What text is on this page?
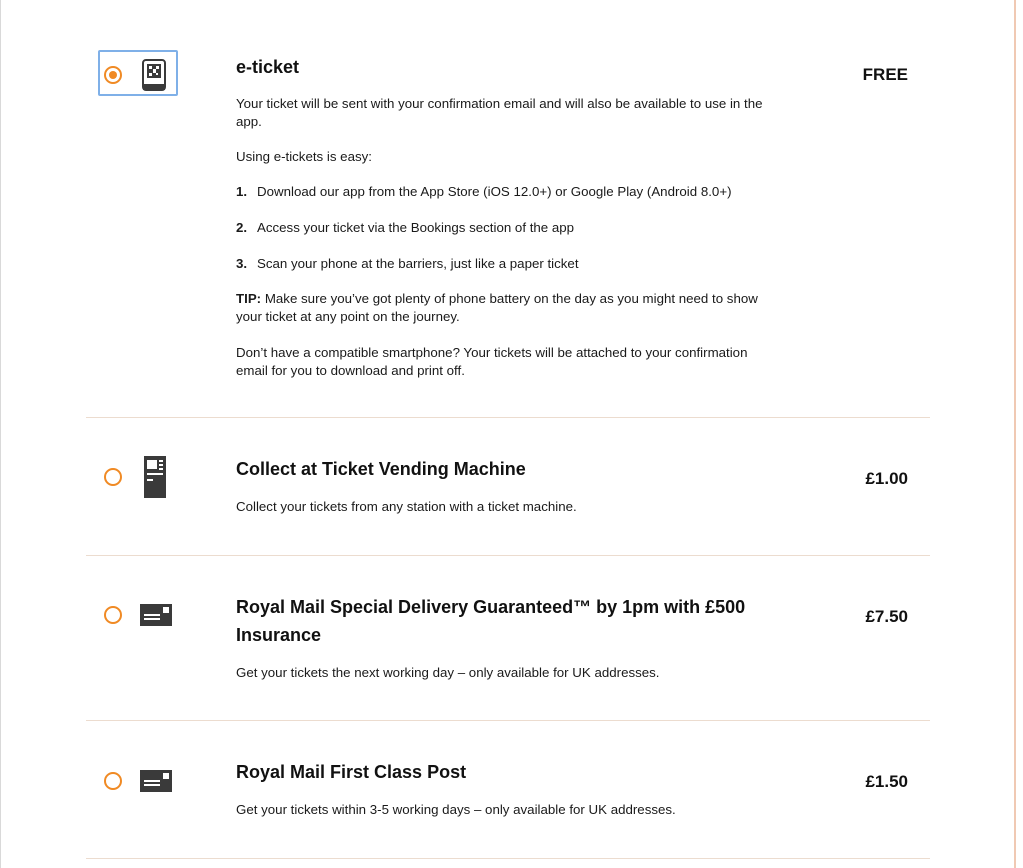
e-ticket	FREE

Your ticket will be sent with your confirmation email and will also be available to use in the app.

Using e-tickets is easy:

1. Download our app from the App Store (iOS 12.0+) or Google Play (Android 8.0+)

2. Access your ticket via the Bookings section of the app

3. Scan your phone at the barriers, just like a paper ticket

TIP: Make sure you’ve got plenty of phone battery on the day as you might need to show your ticket at any point on the journey.

Don’t have a compatible smartphone? Your tickets will be attached to your confirmation email for you to download and print off.

Collect at Ticket Vending Machine	£1.00

Collect your tickets from any station with a ticket machine.

Royal Mail Special Delivery Guaranteed™ by 1pm with £500 Insurance
£7.50

Get your tickets the next working day – only available for UK addresses.

Royal Mail First Class Post	£1.50

Get your tickets within 3-5 working days – only available for UK addresses.
